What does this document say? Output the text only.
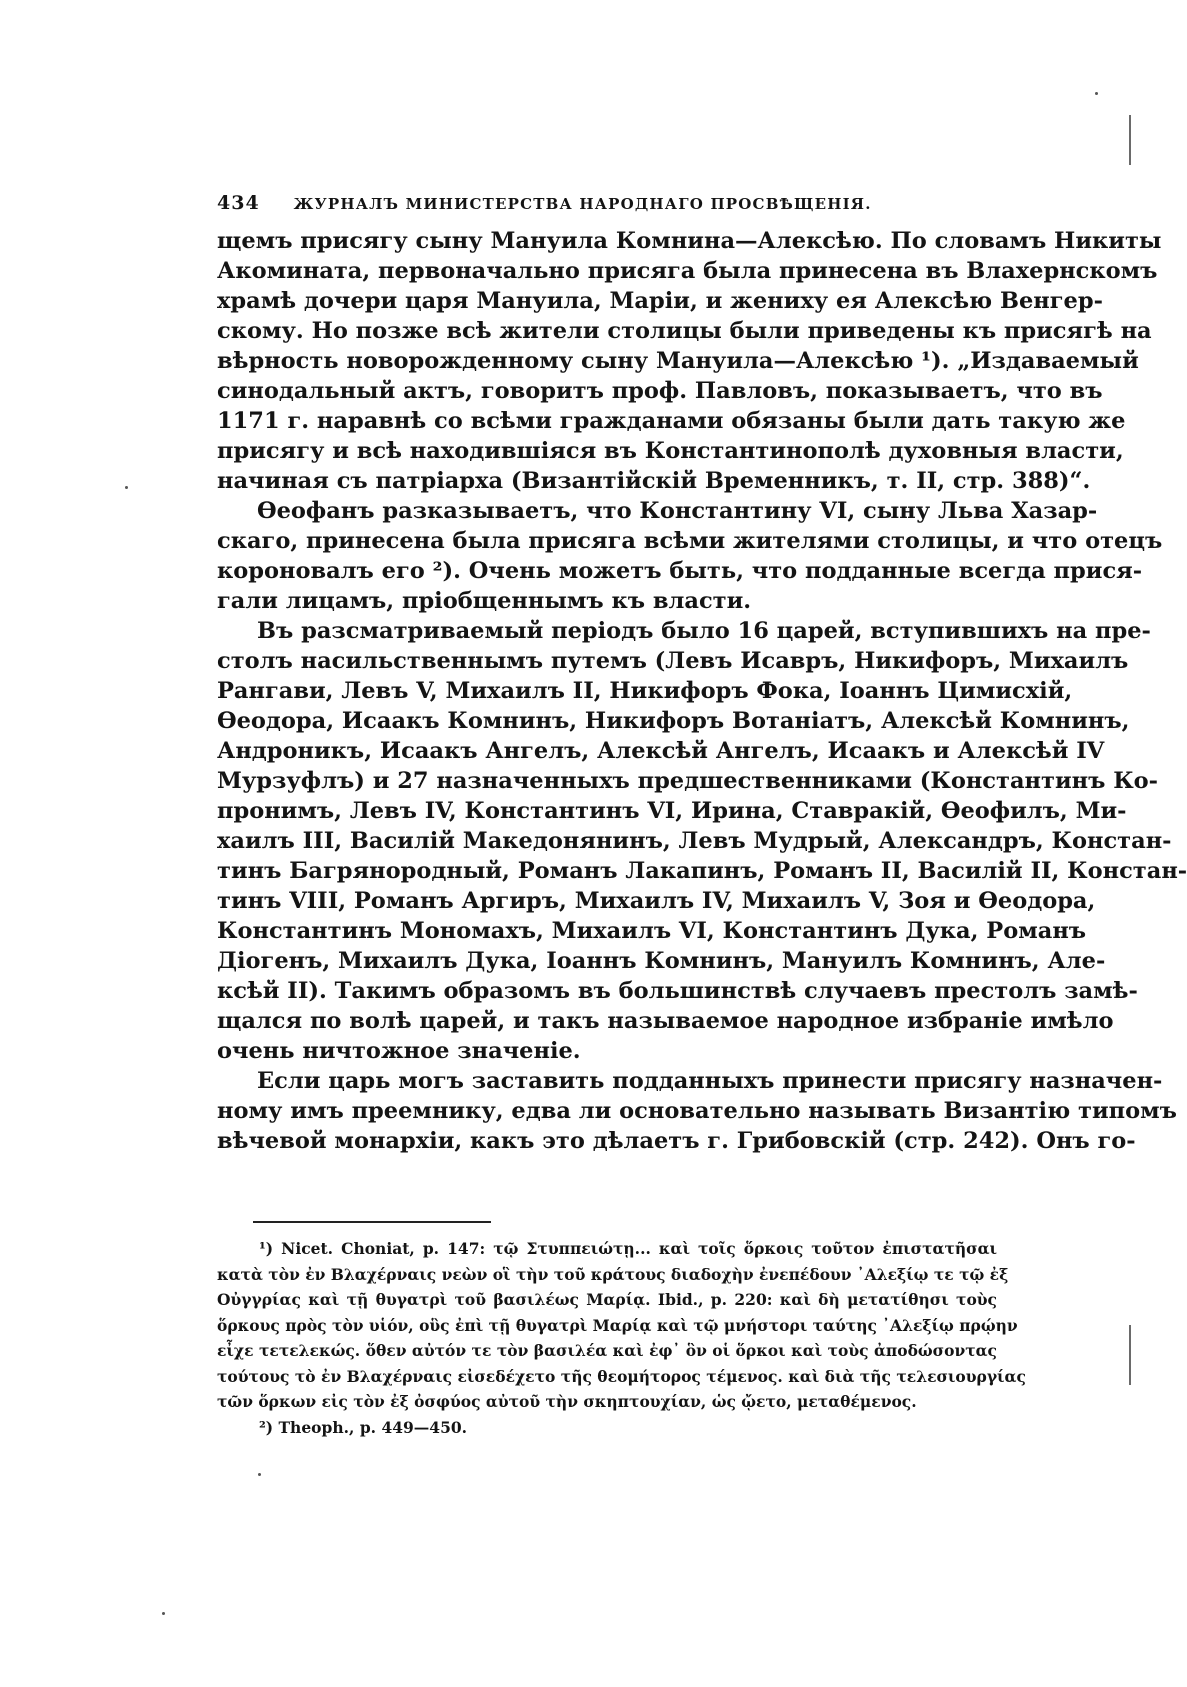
434 ЖУРНАЛЪ МИНИСТЕРСТВА НАРОДНАГО ПРОСВѢЩЕНІЯ.
щемъ присягу сыну Мануила Комнина—Алексѣю. По словамъ Никиты
Акомината, первоначально присяга была принесена въ Влахернскомъ
храмѣ дочери царя Мануила, Маріи, и жениху ея Алексѣю Венгер-
скому. Но позже всѣ жители столицы были приведены къ присягѣ на
вѣрность новорожденному сыну Мануила—Алексѣю ¹). „Издаваемый
синодальный актъ, говоритъ проф. Павловъ, показываетъ, что въ
1171 г. наравнѣ со всѣми гражданами обязаны были дать такую же
присягу и всѣ находившіяся въ Константинополѣ духовныя власти,
начиная съ патріарха (Византійскій Временникъ, т. II, стр. 388)“.
Ѳеофанъ разказываетъ, что Константину VI, сыну Льва Хазар-
скаго, принесена была присяга всѣми жителями столицы, и что отецъ
короновалъ его ²). Очень можетъ быть, что подданные всегда прися-
гали лицамъ, пріобщеннымъ къ власти.
Въ разсматриваемый періодъ было 16 царей, вступившихъ на пре-
столъ насильственнымъ путемъ (Левъ Исавръ, Никифоръ, Михаилъ
Рангави, Левъ V, Михаилъ II, Никифоръ Фока, Іоаннъ Цимисхій,
Ѳеодора, Исаакъ Комнинъ, Никифоръ Вотаніатъ, Алексѣй Комнинъ,
Андроникъ, Исаакъ Ангелъ, Алексѣй Ангелъ, Исаакъ и Алексѣй IV
Мурзуфлъ) и 27 назначенныхъ предшественниками (Константинъ Ко-
пронимъ, Левъ IV, Константинъ VI, Ирина, Ставракій, Ѳеофилъ, Ми-
хаилъ III, Василій Македонянинъ, Левъ Мудрый, Александръ, Констан-
тинъ Багрянородный, Романъ Лакапинъ, Романъ II, Василій II, Констан-
тинъ VIII, Романъ Аргиръ, Михаилъ IV, Михаилъ V, Зоя и Ѳеодора,
Константинъ Мономахъ, Михаилъ VI, Константинъ Дука, Романъ
Діогенъ, Михаилъ Дука, Іоаннъ Комнинъ, Мануилъ Комнинъ, Але-
ксѣй II). Такимъ образомъ въ большинствѣ случаевъ престолъ замѣ-
щался по волѣ царей, и такъ называемое народное избраніе имѣло
очень ничтожное значеніе.
Если царь могъ заставить подданныхъ принести присягу назначен-
ному имъ преемнику, едва ли основательно называть Византію типомъ
вѣчевой монархіи, какъ это дѣлаетъ г. Грибовскій (стр. 242). Онъ го-
¹) Nicet. Choniat, p. 147: τῷ Στυππειώτῃ... καὶ τοῖς ὅρκοις τοῦτον ἐπιστατῆσαι
κατὰ τὸν ἐν Βλαχέρναις νεὼν οἳ τὴν τοῦ κράτους διαδοχὴν ἐνεπέδουν ᾿Αλεξίῳ τε τῷ ἐξ
Οὐγγρίας καὶ τῇ θυγατρὶ τοῦ βασιλέως Μαρίᾳ. Ibid., p. 220: καὶ δὴ μετατίθησι τοὺς
ὅρκους πρὸς τὸν υἱόν, οὓς ἐπὶ τῇ θυγατρὶ Μαρίᾳ καὶ τῷ μνήστορι ταύτης ᾿Αλεξίῳ πρῴην
εἶχε τετελεκώς. ὅθεν αὐτόν τε τὸν βασιλέα καὶ ἐφ᾿ ὃν οἱ ὅρκοι καὶ τοὺς ἀποδώσοντας
τούτους τὸ ἐν Βλαχέρναις εἰσεδέχετο τῆς θεομήτορος τέμενος. καὶ διὰ τῆς τελεσιουργίας
τῶν ὅρκων εἰς τὸν ἐξ ὀσφύος αὐτοῦ τὴν σκηπτουχίαν, ὡς ᾤετο, μεταθέμενος.
²) Theoph., p. 449—450.
